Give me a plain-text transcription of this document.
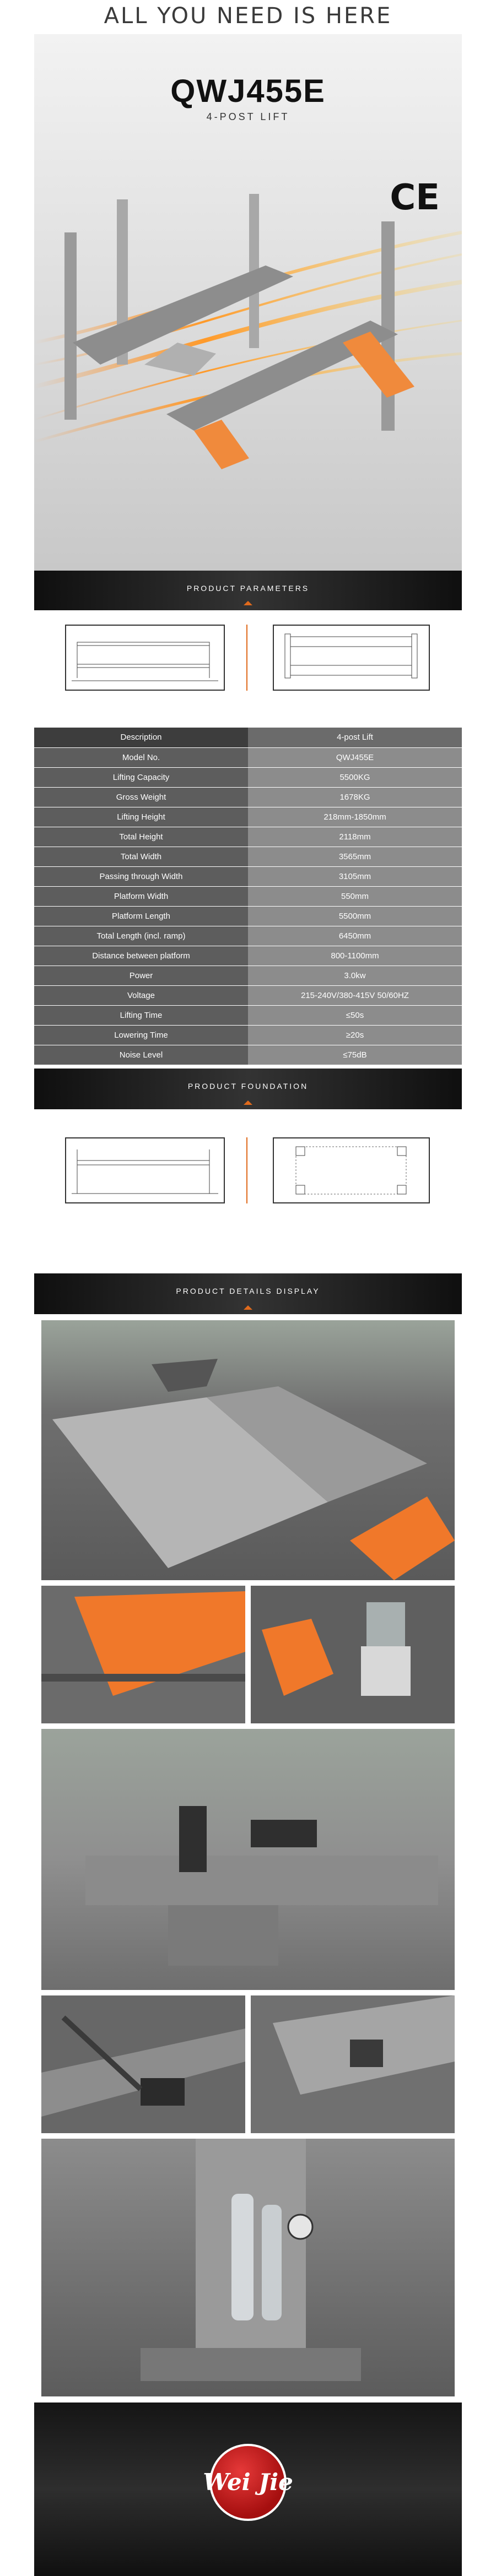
ALL YOU NEED IS HERE
QWJ455E
4-POST LIFT
CE
PRODUCT PARAMETERS
Description	4-post Lift
Model No.	QWJ455E
Lifting Capacity	5500KG
Gross Weight	1678KG
Lifting Height	218mm-1850mm
Total Height	2118mm
Total Width	3565mm
Passing through Width	3105mm
Platform Width	550mm
Platform Length	5500mm
Total Length (incl. ramp)	6450mm
Distance between platform	800-1100mm
Power	3.0kw
Voltage	215-240V/380-415V 50/60HZ
Lifting Time	≤50s
Lowering Time	≥20s
Noise Level	≤75dB
PRODUCT FOUNDATION
PRODUCT DETAILS DISPLAY
Wei Jie
